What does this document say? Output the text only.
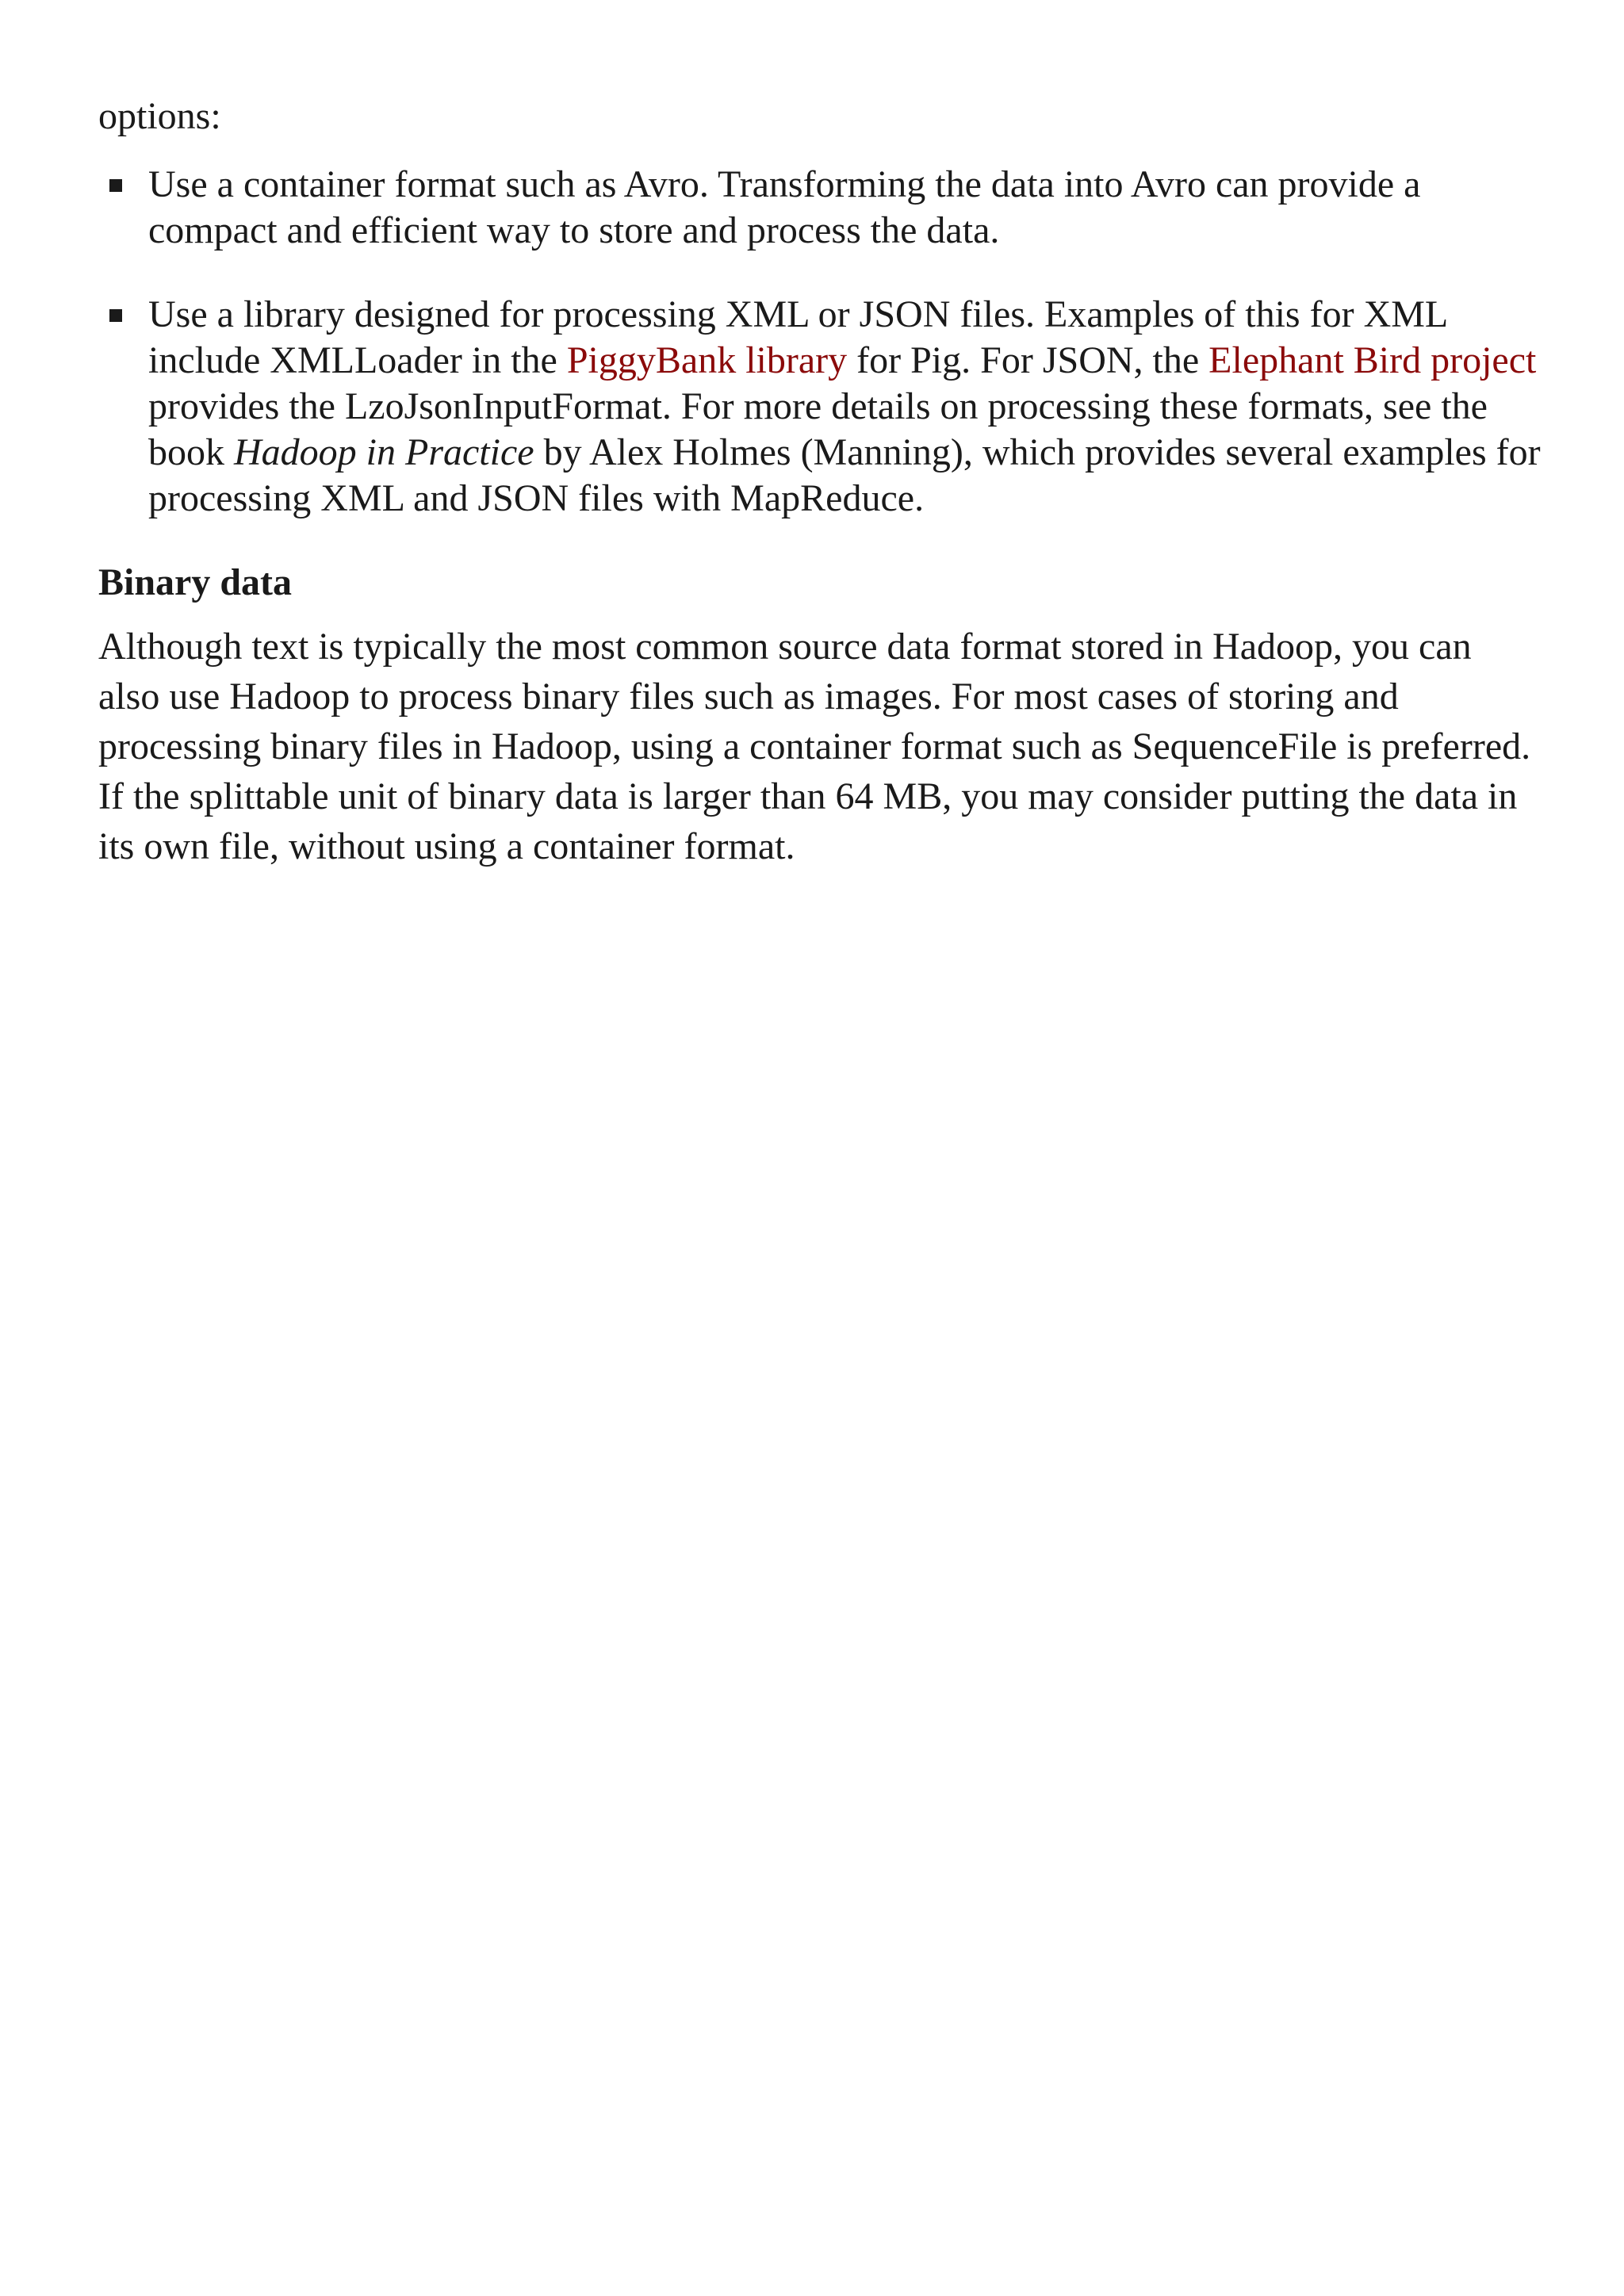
options:
Use a container format such as Avro. Transforming the data into Avro can provide a compact and efficient way to store and process the data.
Use a library designed for processing XML or JSON files. Examples of this for XML include XMLLoader in the PiggyBank library for Pig. For JSON, the Elephant Bird project provides the LzoJsonInputFormat. For more details on processing these formats, see the book Hadoop in Practice by Alex Holmes (Manning), which provides several examples for processing XML and JSON files with MapReduce.
Binary data

Although text is typically the most common source data format stored in Hadoop, you can also use Hadoop to process binary files such as images. For most cases of storing and processing binary files in Hadoop, using a container format such as SequenceFile is preferred. If the splittable unit of binary data is larger than 64 MB, you may consider putting the data in its own file, without using a container format.
